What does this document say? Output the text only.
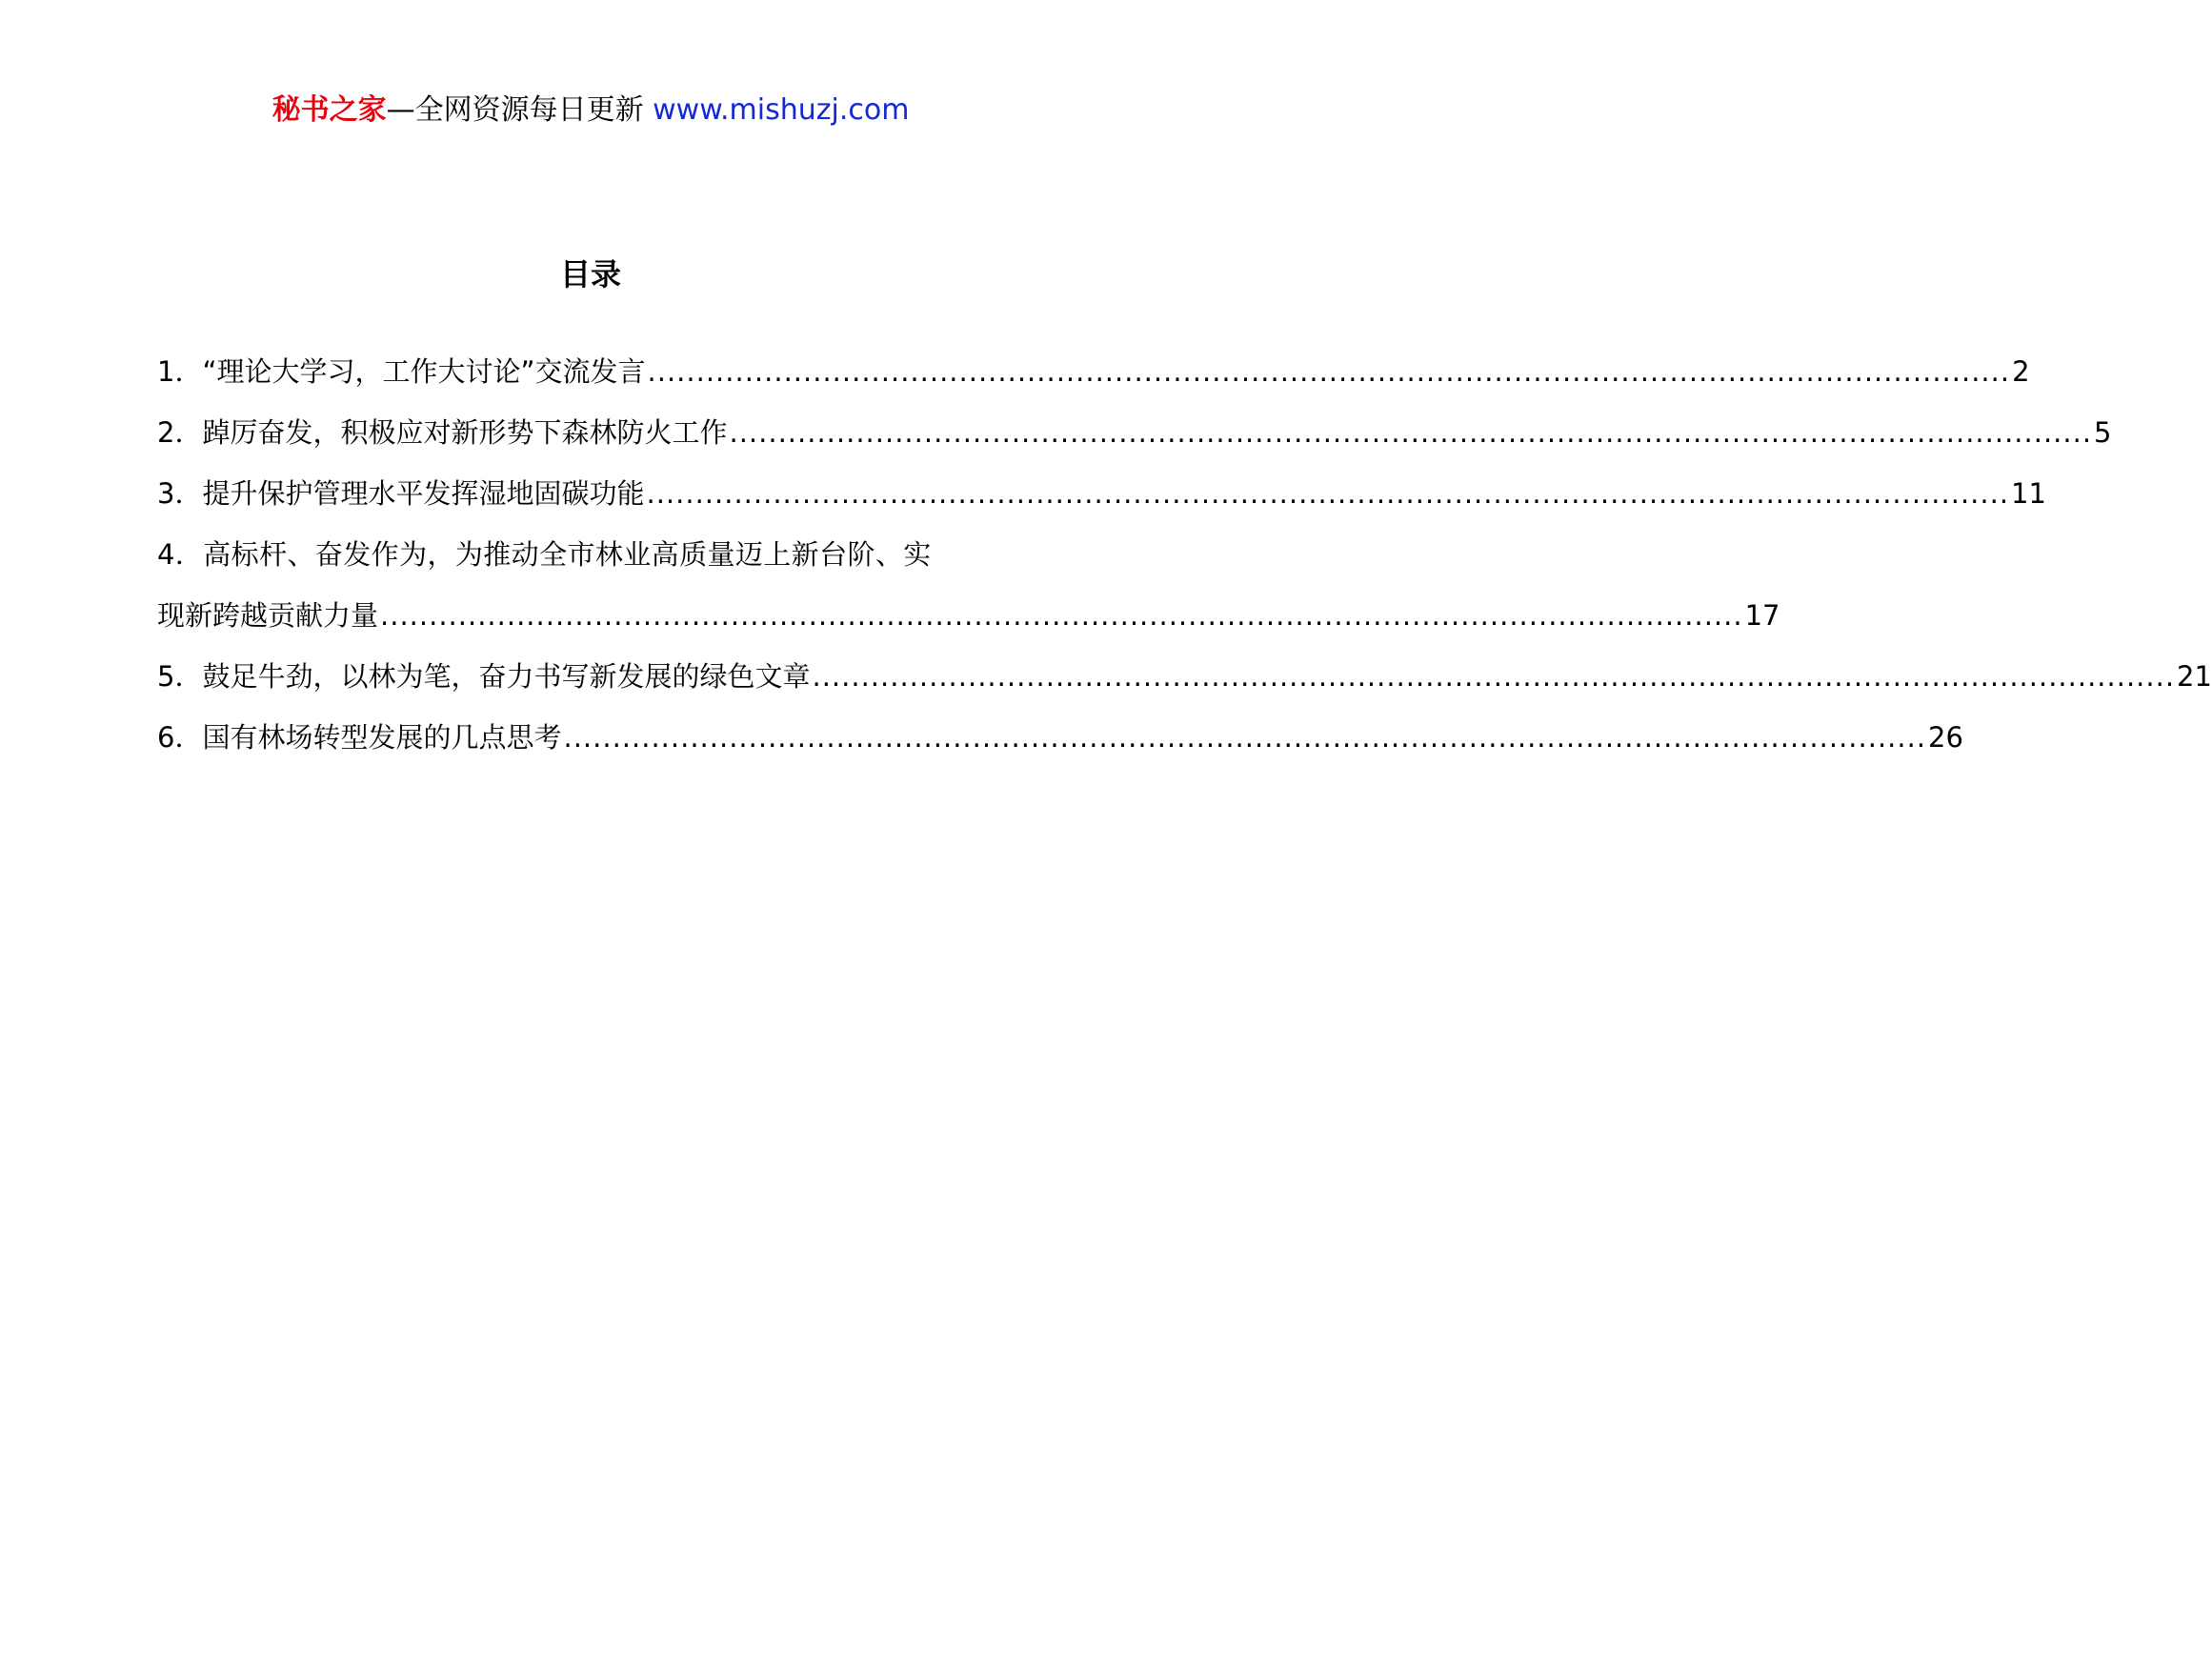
秘书之家—全网资源每日更新 www.mishuzj.com
目录
1 ． “理论大学习，工作大讨论”交流发言 ............................................................................................................................................ 2
2 ． 踔厉奋发，积极应对新形势下森林防火工作 ............................................................................................................................................ 5
3 ． 提升保护管理水平发挥湿地固碳功能 ............................................................................................................................................ 11
4．高标杆、奋发作为，为推动全市林业高质量迈上新台阶、实
现新跨越贡献力量 ............................................................................................................................................ 17
5 ． 鼓足牛劲，以林为笔，奋力书写新发展的绿色文章 ............................................................................................................................................ 21
6 ． 国有林场转型发展的几点思考 ............................................................................................................................................ 26
